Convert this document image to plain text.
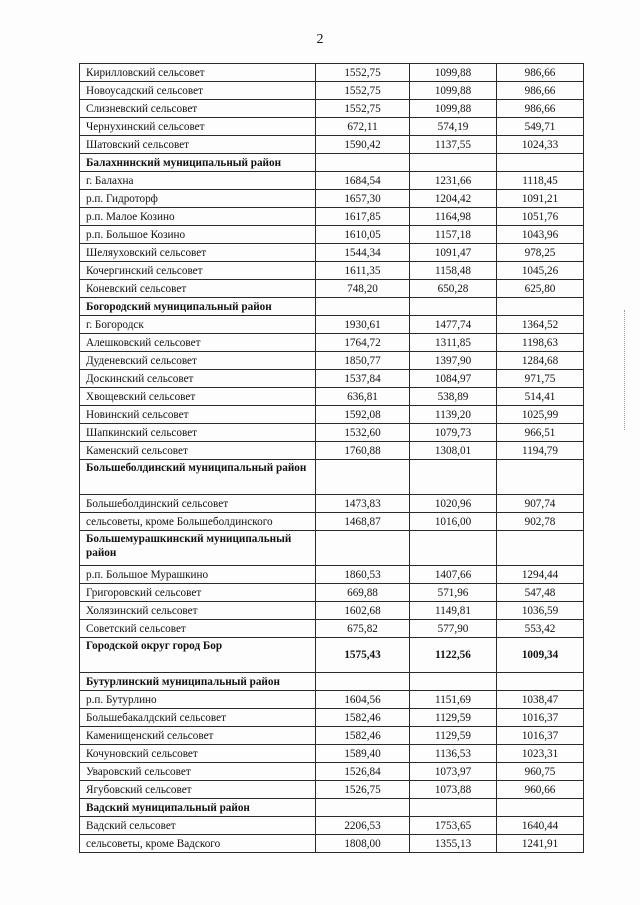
2
Кирилловский сельсовет	1552,75	1099,88	986,66
Новоусадский сельсовет	1552,75	1099,88	986,66
Слизневский сельсовет	1552,75	1099,88	986,66
Чернухинский сельсовет	672,11	574,19	549,71
Шатовский сельсовет	1590,42	1137,55	1024,33
Балахнинский муниципальный район			
г. Балахна	1684,54	1231,66	1118,45
р.п. Гидроторф	1657,30	1204,42	1091,21
р.п. Малое Козино	1617,85	1164,98	1051,76
р.п. Большое Козино	1610,05	1157,18	1043,96
Шеляуховский сельсовет	1544,34	1091,47	978,25
Кочергинский сельсовет	1611,35	1158,48	1045,26
Коневский сельсовет	748,20	650,28	625,80
Богородский муниципальный район			
г. Богородск	1930,61	1477,74	1364,52
Алешковский сельсовет	1764,72	1311,85	1198,63
Дуденевский сельсовет	1850,77	1397,90	1284,68
Доскинский сельсовет	1537,84	1084,97	971,75
Хвощевский сельсовет	636,81	538,89	514,41
Новинский сельсовет	1592,08	1139,20	1025,99
Шапкинский сельсовет	1532,60	1079,73	966,51
Каменский сельсовет	1760,88	1308,01	1194,79
Большеболдинский муниципальный район			
Большеболдинский сельсовет	1473,83	1020,96	907,74
сельсоветы, кроме Большеболдинского	1468,87	1016,00	902,78
Большемурашкинский муниципальный район			
р.п. Большое Мурашкино	1860,53	1407,66	1294,44
Григоровский сельсовет	669,88	571,96	547,48
Холязинский сельсовет	1602,68	1149,81	1036,59
Советский сельсовет	675,82	577,90	553,42
Городской округ город Бор	1575,43	1122,56	1009,34
Бутурлинский муниципальный район			
р.п. Бутурлино	1604,56	1151,69	1038,47
Большебакалдский сельсовет	1582,46	1129,59	1016,37
Каменищенский сельсовет	1582,46	1129,59	1016,37
Кочуновский сельсовет	1589,40	1136,53	1023,31
Уваровский сельсовет	1526,84	1073,97	960,75
Ягубовский сельсовет	1526,75	1073,88	960,66
Вадский муниципальный район			
Вадский сельсовет	2206,53	1753,65	1640,44
сельсоветы, кроме Вадского	1808,00	1355,13	1241,91
